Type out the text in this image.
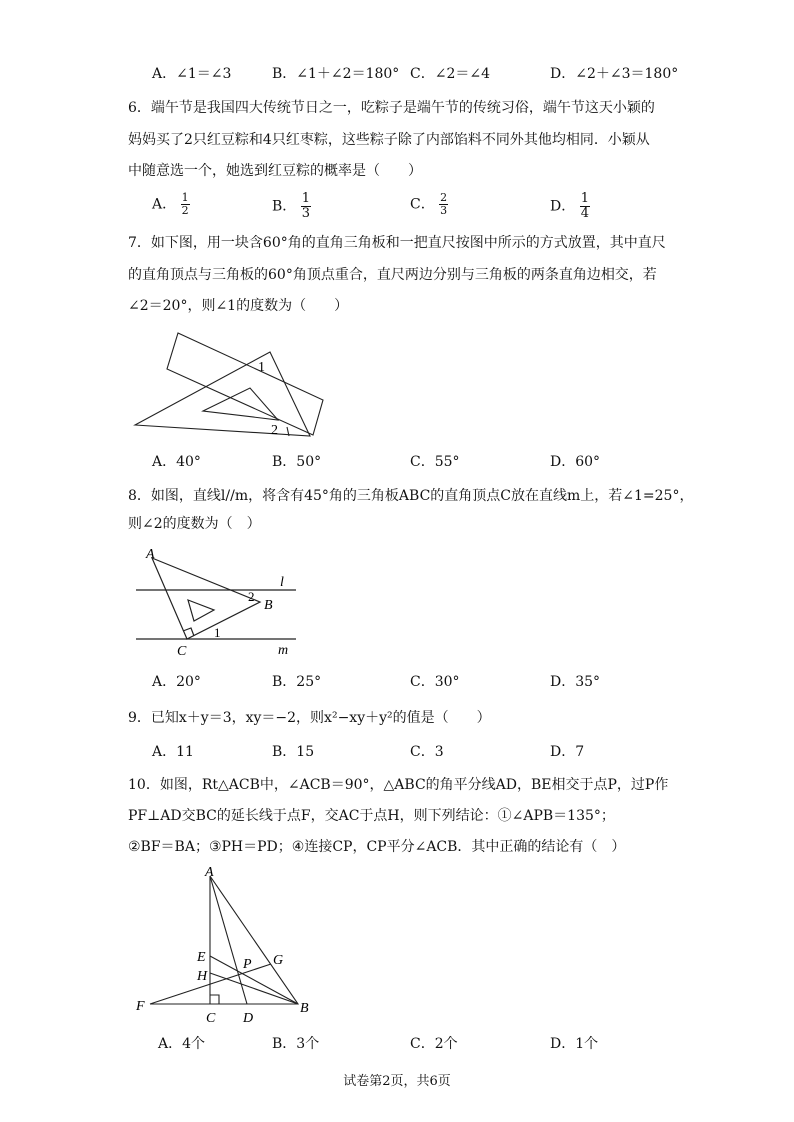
A．∠1＝∠3	B．∠1＋∠2＝180° C．∠2＝∠4	D．∠2＋∠3＝180°
6．端午节是我国四大传统节日之一，吃粽子是端午节的传统习俗，端午节这天小颖的
妈妈买了2只红豆粽和4只红枣粽，这些粽子除了内部馅料不同外其他均相同．小颖从
中随意选一个，她选到红豆粽的概率是（　　）
A． $\frac{1}{2}$	B． $\frac{1}{3}$	C． $\frac{2}{3}$	D． $\frac{1}{4}$
7．如下图，用一块含60°角的直角三角板和一把直尺按图中所示的方式放置，其中直尺
的直角顶点与三角板的60°角顶点重合，直尺两边分别与三角板的两条直角边相交，若
∠2＝20°，则∠1的度数为（　　）
1
2
A．40°	B．50°	C．55°	D．60°
8．如图，直线l//m，将含有45°角的三角板ABC的直角顶点C放在直线m上，若∠1=25°，
则∠2的度数为（　）
A
B
C
l
m
1
2
A．20°	B．25°	C．30°	D．35°
9．已知x＋y＝3，xy＝−2，则x²−xy＋y²的值是（　　）
A．11	B．15	C．3	D．7
10．如图，Rt△ACB中，∠ACB＝90°，△ABC的角平分线AD，BE相交于点P，过P作
PF⊥AD交BC的延长线于点F，交AC于点H，则下列结论：①∠APB＝135°；
②BF＝BA；③PH＝PD；④连接CP，CP平分∠ACB．其中正确的结论有（　）
A
E
H
P G
F
C D
B
A．4个	B．3个	C．2个	D．1个
试卷第2页，共6页
